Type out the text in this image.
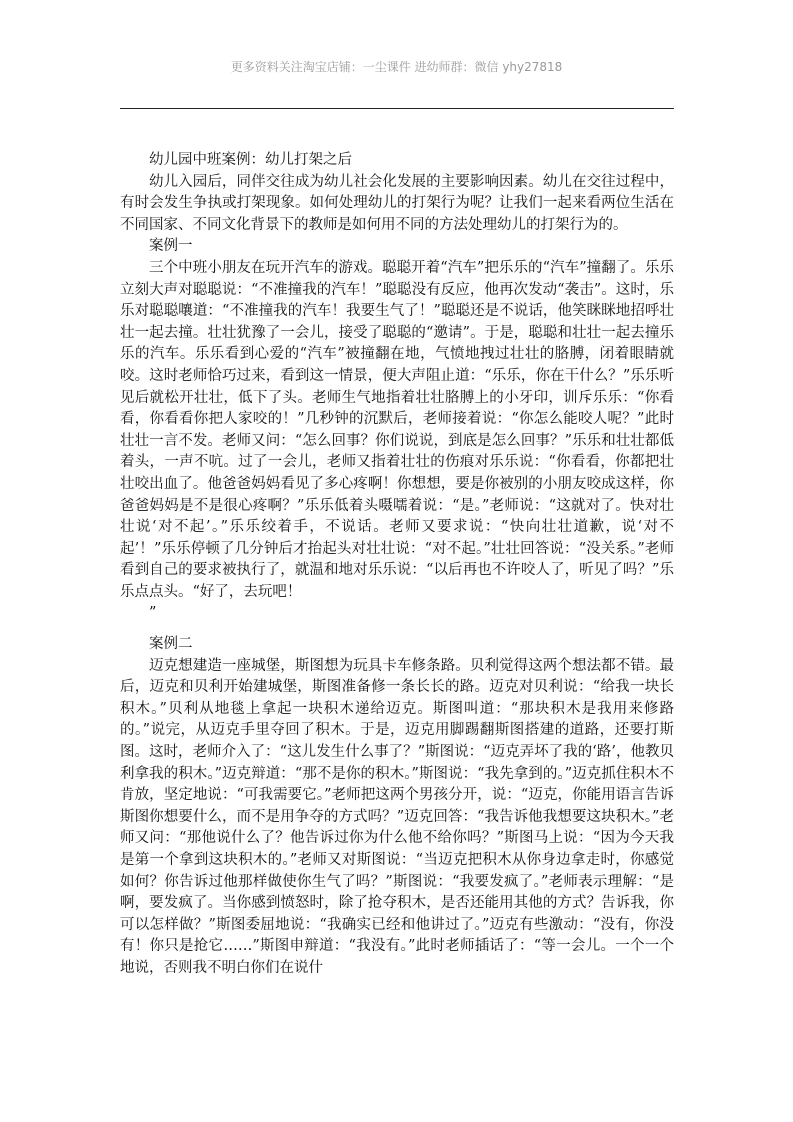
更多资料关注淘宝店铺：一尘课件 进幼师群：微信 yhy27818

幼儿园中班案例：幼儿打架之后

幼儿入园后，同伴交往成为幼儿社会化发展的主要影响因素。幼儿在交往过程中，有时会发生争执或打架现象。如何处理幼儿的打架行为呢？让我们一起来看两位生活在不同国家、不同文化背景下的教师是如何用不同的方法处理幼儿的打架行为的。

案例一

三个中班小朋友在玩开汽车的游戏。聪聪开着“汽车”把乐乐的“汽车”撞翻了。乐乐立刻大声对聪聪说：“不准撞我的汽车！”聪聪没有反应，他再次发动“袭击”。这时，乐乐对聪聪嚷道：“不准撞我的汽车！我要生气了！”聪聪还是不说话，他笑眯眯地招呼壮壮一起去撞。壮壮犹豫了一会儿，接受了聪聪的“邀请”。于是，聪聪和壮壮一起去撞乐乐的汽车。乐乐看到心爱的“汽车”被撞翻在地，气愤地拽过壮壮的胳膊，闭着眼睛就咬。这时老师恰巧过来，看到这一情景，便大声阻止道：“乐乐，你在干什么？”乐乐听见后就松开壮壮，低下了头。老师生气地指着壮壮胳膊上的小牙印，训斥乐乐：“你看看，你看看你把人家咬的！”几秒钟的沉默后，老师接着说：“你怎么能咬人呢？”此时壮壮一言不发。老师又问：“怎么回事？你们说说，到底是怎么回事？”乐乐和壮壮都低着头，一声不吭。过了一会儿，老师又指着壮壮的伤痕对乐乐说：“你看看，你都把壮壮咬出血了。他爸爸妈妈看见了多心疼啊！你想想，要是你被别的小朋友咬成这样，你爸爸妈妈是不是很心疼啊？”乐乐低着头嗫嚅着说：“是。”老师说：“这就对了。快对壮壮说‘对不起’。”乐乐绞着手，不说话。老师又要求说：“快向壮壮道歉，说‘对不起’！”乐乐停顿了几分钟后才抬起头对壮壮说：“对不起。”壮壮回答说：“没关系。”老师看到自己的要求被执行了，就温和地对乐乐说：“以后再也不许咬人了，听见了吗？”乐乐点点头。“好了，去玩吧！

”

案例二

迈克想建造一座城堡，斯图想为玩具卡车修条路。贝利觉得这两个想法都不错。最后，迈克和贝利开始建城堡，斯图准备修一条长长的路。迈克对贝利说：“给我一块长积木。”贝利从地毯上拿起一块积木递给迈克。斯图叫道：“那块积木是我用来修路的。”说完，从迈克手里夺回了积木。于是，迈克用脚踢翻斯图搭建的道路，还要打斯图。这时，老师介入了：“这儿发生什么事了？”斯图说：“迈克弄坏了我的‘路’，他教贝利拿我的积木。”迈克辩道：“那不是你的积木。”斯图说：“我先拿到的。”迈克抓住积木不肯放，坚定地说：“可我需要它。”老师把这两个男孩分开，说：“迈克，你能用语言告诉斯图你想要什么，而不是用争夺的方式吗？”迈克回答：“我告诉他我想要这块积木。”老师又问：“那他说什么了？他告诉过你为什么他不给你吗？”斯图马上说：“因为今天我是第一个拿到这块积木的。”老师又对斯图说：“当迈克把积木从你身边拿走时，你感觉如何？你告诉过他那样做使你生气了吗？”斯图说：“我要发疯了。”老师表示理解：“是啊，要发疯了。当你感到愤怒时，除了抢夺积木，是否还能用其他的方式？告诉我，你可以怎样做？”斯图委屈地说：“我确实已经和他讲过了。”迈克有些激动：“没有，你没有！你只是抢它……”斯图申辩道：“我没有。”此时老师插话了：“等一会儿。一个一个地说，否则我不明白你们在说什
